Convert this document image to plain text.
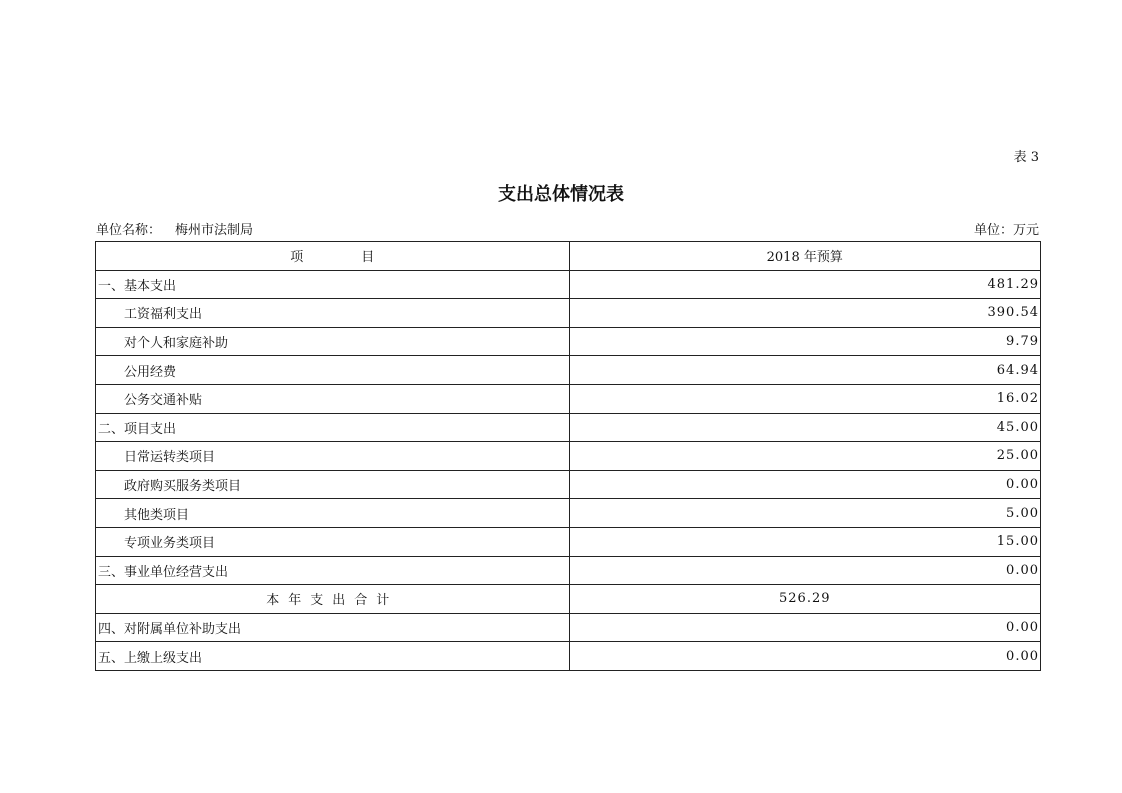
表 3
支出总体情况表
单位名称： 梅州市法制局	单位：万元
项 目	2018 年预算
一、基本支出	481.29
工资福利支出	390.54
对个人和家庭补助	9.79
公用经费	64.94
公务交通补贴	16.02
二、项目支出	45.00
日常运转类项目	25.00
政府购买服务类项目	0.00
其他类项目	5.00
专项业务类项目	15.00
三、事业单位经营支出	0.00
本年支出合计	526.29
四、对附属单位补助支出	0.00
五、上缴上级支出	0.00
